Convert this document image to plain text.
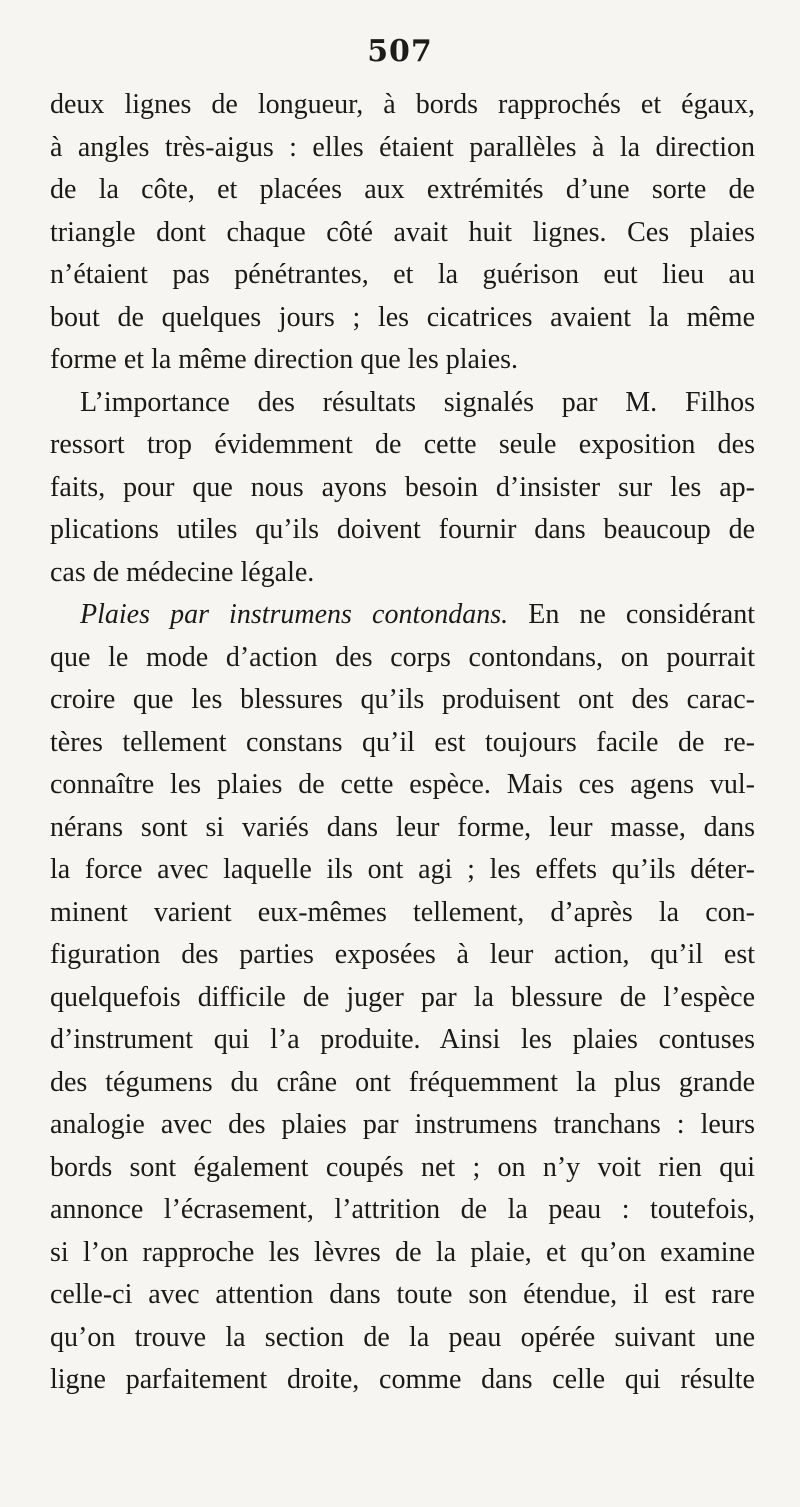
507
deux lignes de longueur, à bords rapprochés et égaux,
à angles très-aigus : elles étaient parallèles à la direction
de la côte, et placées aux extrémités d’une sorte de
triangle dont chaque côté avait huit lignes. Ces plaies
n’étaient pas pénétrantes, et la guérison eut lieu au
bout de quelques jours ; les cicatrices avaient la même
forme et la même direction que les plaies.
L’importance des résultats signalés par M. Filhos
ressort trop évidemment de cette seule exposition des
faits, pour que nous ayons besoin d’insister sur les ap-
plications utiles qu’ils doivent fournir dans beaucoup de
cas de médecine légale.
Plaies par instrumens contondans. En ne considérant
que le mode d’action des corps contondans, on pourrait
croire que les blessures qu’ils produisent ont des carac-
tères tellement constans qu’il est toujours facile de re-
connaître les plaies de cette espèce. Mais ces agens vul-
nérans sont si variés dans leur forme, leur masse, dans
la force avec laquelle ils ont agi ; les effets qu’ils déter-
minent varient eux-mêmes tellement, d’après la con-
figuration des parties exposées à leur action, qu’il est
quelquefois difficile de juger par la blessure de l’espèce
d’instrument qui l’a produite. Ainsi les plaies contuses
des tégumens du crâne ont fréquemment la plus grande
analogie avec des plaies par instrumens tranchans : leurs
bords sont également coupés net ; on n’y voit rien qui
annonce l’écrasement, l’attrition de la peau : toutefois,
si l’on rapproche les lèvres de la plaie, et qu’on examine
celle-ci avec attention dans toute son étendue, il est rare
qu’on trouve la section de la peau opérée suivant une
ligne parfaitement droite, comme dans celle qui résulte
